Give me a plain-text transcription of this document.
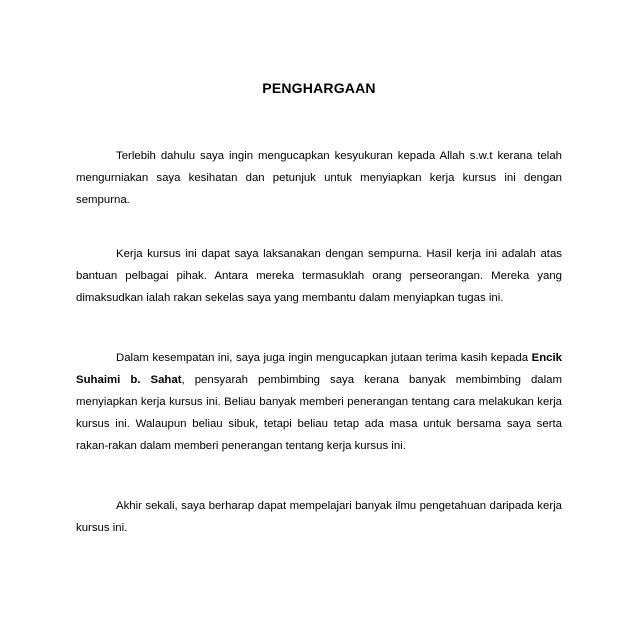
PENGHARGAAN

Terlebih dahulu saya ingin mengucapkan kesyukuran kepada Allah s.w.t kerana telah mengurniakan saya kesihatan dan petunjuk untuk menyiapkan kerja kursus ini dengan sempurna.

Kerja kursus ini dapat saya laksanakan dengan sempurna. Hasil kerja ini adalah atas bantuan pelbagai pihak. Antara mereka termasuklah orang perseorangan. Mereka yang dimaksudkan ialah rakan sekelas saya yang membantu dalam menyiapkan tugas ini.

Dalam kesempatan ini, saya juga ingin mengucapkan jutaan terima kasih kepada Encik Suhaimi b. Sahat, pensyarah pembimbing saya kerana banyak membimbing dalam menyiapkan kerja kursus ini. Beliau banyak memberi penerangan tentang cara melakukan kerja kursus ini. Walaupun beliau sibuk, tetapi beliau tetap ada masa untuk bersama saya serta rakan-rakan dalam memberi penerangan tentang kerja kursus ini.

Akhir sekali, saya berharap dapat mempelajari banyak ilmu pengetahuan daripada kerja kursus ini.
